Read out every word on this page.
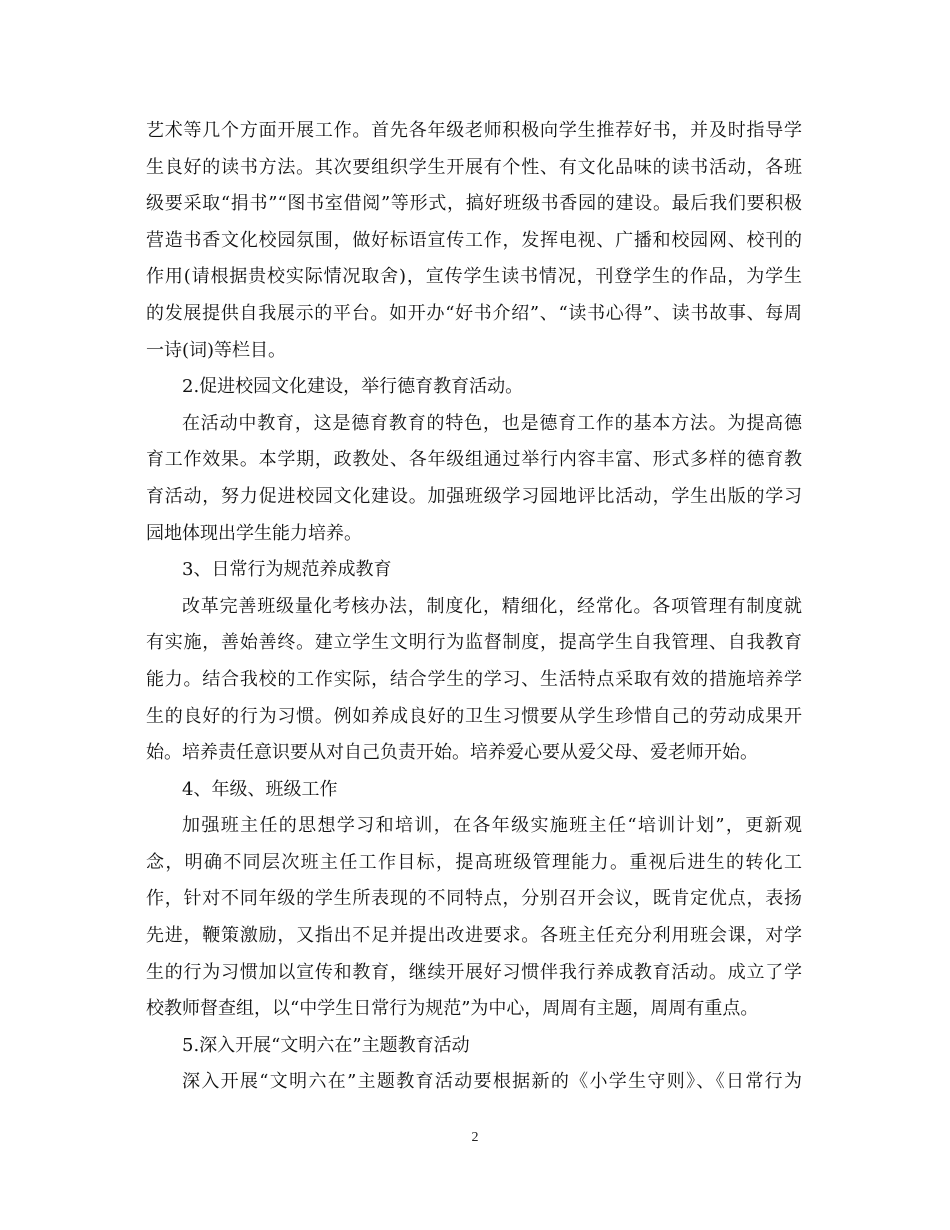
艺术等几个方面开展工作。首先各年级老师积极向学生推荐好书，并及时指导学
生良好的读书方法。其次要组织学生开展有个性、有文化品味的读书活动，各班
级要采取“捐书”“图书室借阅”等形式，搞好班级书香园的建设。最后我们要积极
营造书香文化校园氛围，做好标语宣传工作，发挥电视、广播和校园网、校刊的
作用(请根据贵校实际情况取舍)，宣传学生读书情况，刊登学生的作品，为学生
的发展提供自我展示的平台。如开办“好书介绍”、“读书心得”、读书故事、每周
一诗(词)等栏目。
2.促进校园文化建设，举行德育教育活动。
在活动中教育，这是德育教育的特色，也是德育工作的基本方法。为提高德
育工作效果。本学期，政教处、各年级组通过举行内容丰富、形式多样的德育教
育活动，努力促进校园文化建设。加强班级学习园地评比活动，学生出版的学习
园地体现出学生能力培养。
3、日常行为规范养成教育
改革完善班级量化考核办法，制度化，精细化，经常化。各项管理有制度就
有实施，善始善终。建立学生文明行为监督制度，提高学生自我管理、自我教育
能力。结合我校的工作实际，结合学生的学习、生活特点采取有效的措施培养学
生的良好的行为习惯。例如养成良好的卫生习惯要从学生珍惜自己的劳动成果开
始。培养责任意识要从对自己负责开始。培养爱心要从爱父母、爱老师开始。
4、年级、班级工作
加强班主任的思想学习和培训，在各年级实施班主任“培训计划”，更新观
念，明确不同层次班主任工作目标，提高班级管理能力。重视后进生的转化工
作，针对不同年级的学生所表现的不同特点，分别召开会议，既肯定优点，表扬
先进，鞭策激励，又指出不足并提出改进要求。各班主任充分利用班会课，对学
生的行为习惯加以宣传和教育，继续开展好习惯伴我行养成教育活动。成立了学
校教师督查组，以“中学生日常行为规范”为中心，周周有主题，周周有重点。
5.深入开展“文明六在”主题教育活动
深入开展“文明六在”主题教育活动要根据新的《小学生守则》、《日常行为
2
